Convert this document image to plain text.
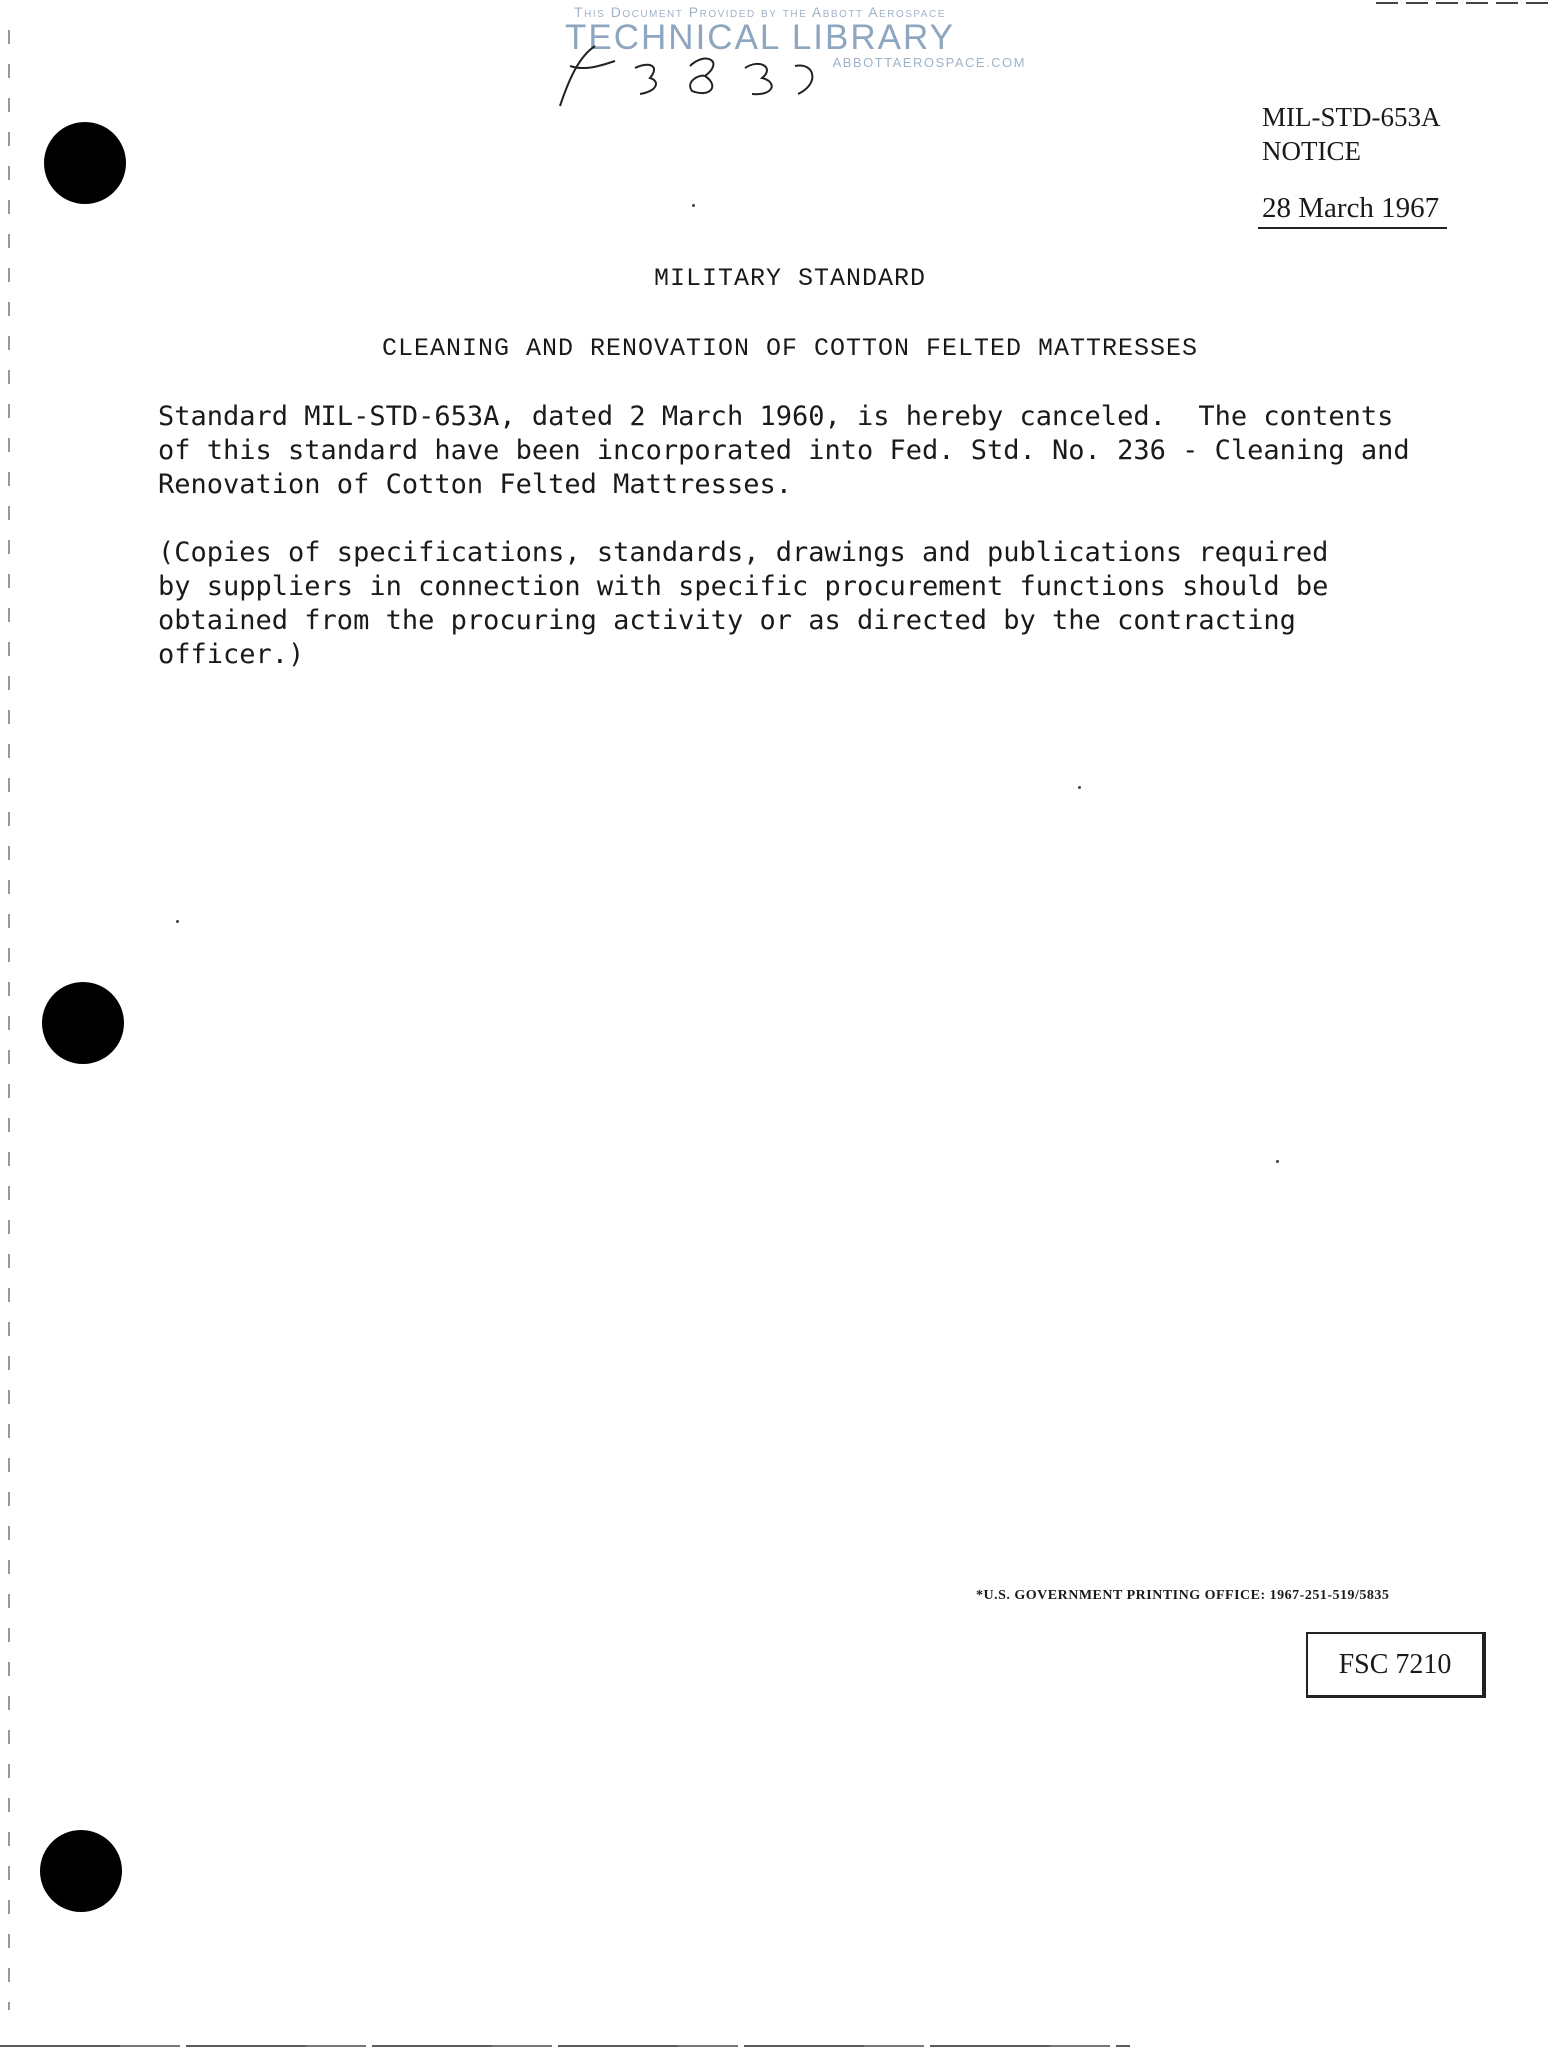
This Document Provided by the Abbott Aerospace
TECHNICAL LIBRARY
ABBOTTAEROSPACE.COM
MIL-STD-653A
NOTICE
28 March 1967
MILITARY STANDARD
CLEANING AND RENOVATION OF COTTON FELTED MATTRESSES
Standard MIL-STD-653A, dated 2 March 1960, is hereby canceled.  The contents
of this standard have been incorporated into Fed. Std. No. 236 - Cleaning and
Renovation of Cotton Felted Mattresses.
(Copies of specifications, standards, drawings and publications required
by suppliers in connection with specific procurement functions should be
obtained from the procuring activity or as directed by the contracting
officer.)
*U.S. GOVERNMENT PRINTING OFFICE: 1967-251-519/5835
FSC 7210
